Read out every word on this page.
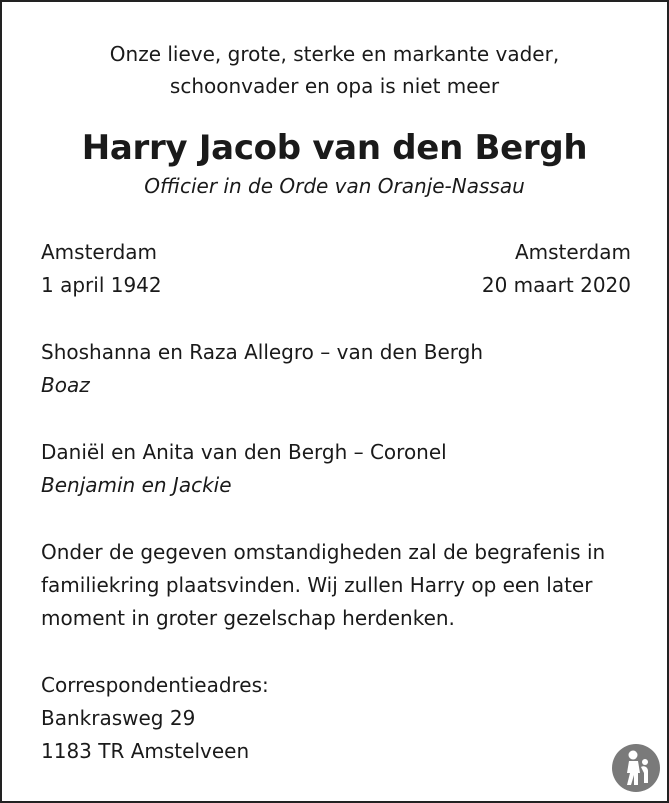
Onze lieve, grote, sterke en markante vader,
schoonvader en opa is niet meer
Harry Jacob van den Bergh
Officier in de Orde van Oranje-Nassau
Amsterdam
1 april 1942
Amsterdam
20 maart 2020
Shoshanna en Raza Allegro – van den Bergh
Boaz
Daniël en Anita van den Bergh – Coronel
Benjamin en Jackie
Onder de gegeven omstandigheden zal de begrafenis in
familiekring plaatsvinden. Wij zullen Harry op een later
moment in groter gezelschap herdenken.
Correspondentieadres:
Bankrasweg 29
1183 TR Amstelveen
